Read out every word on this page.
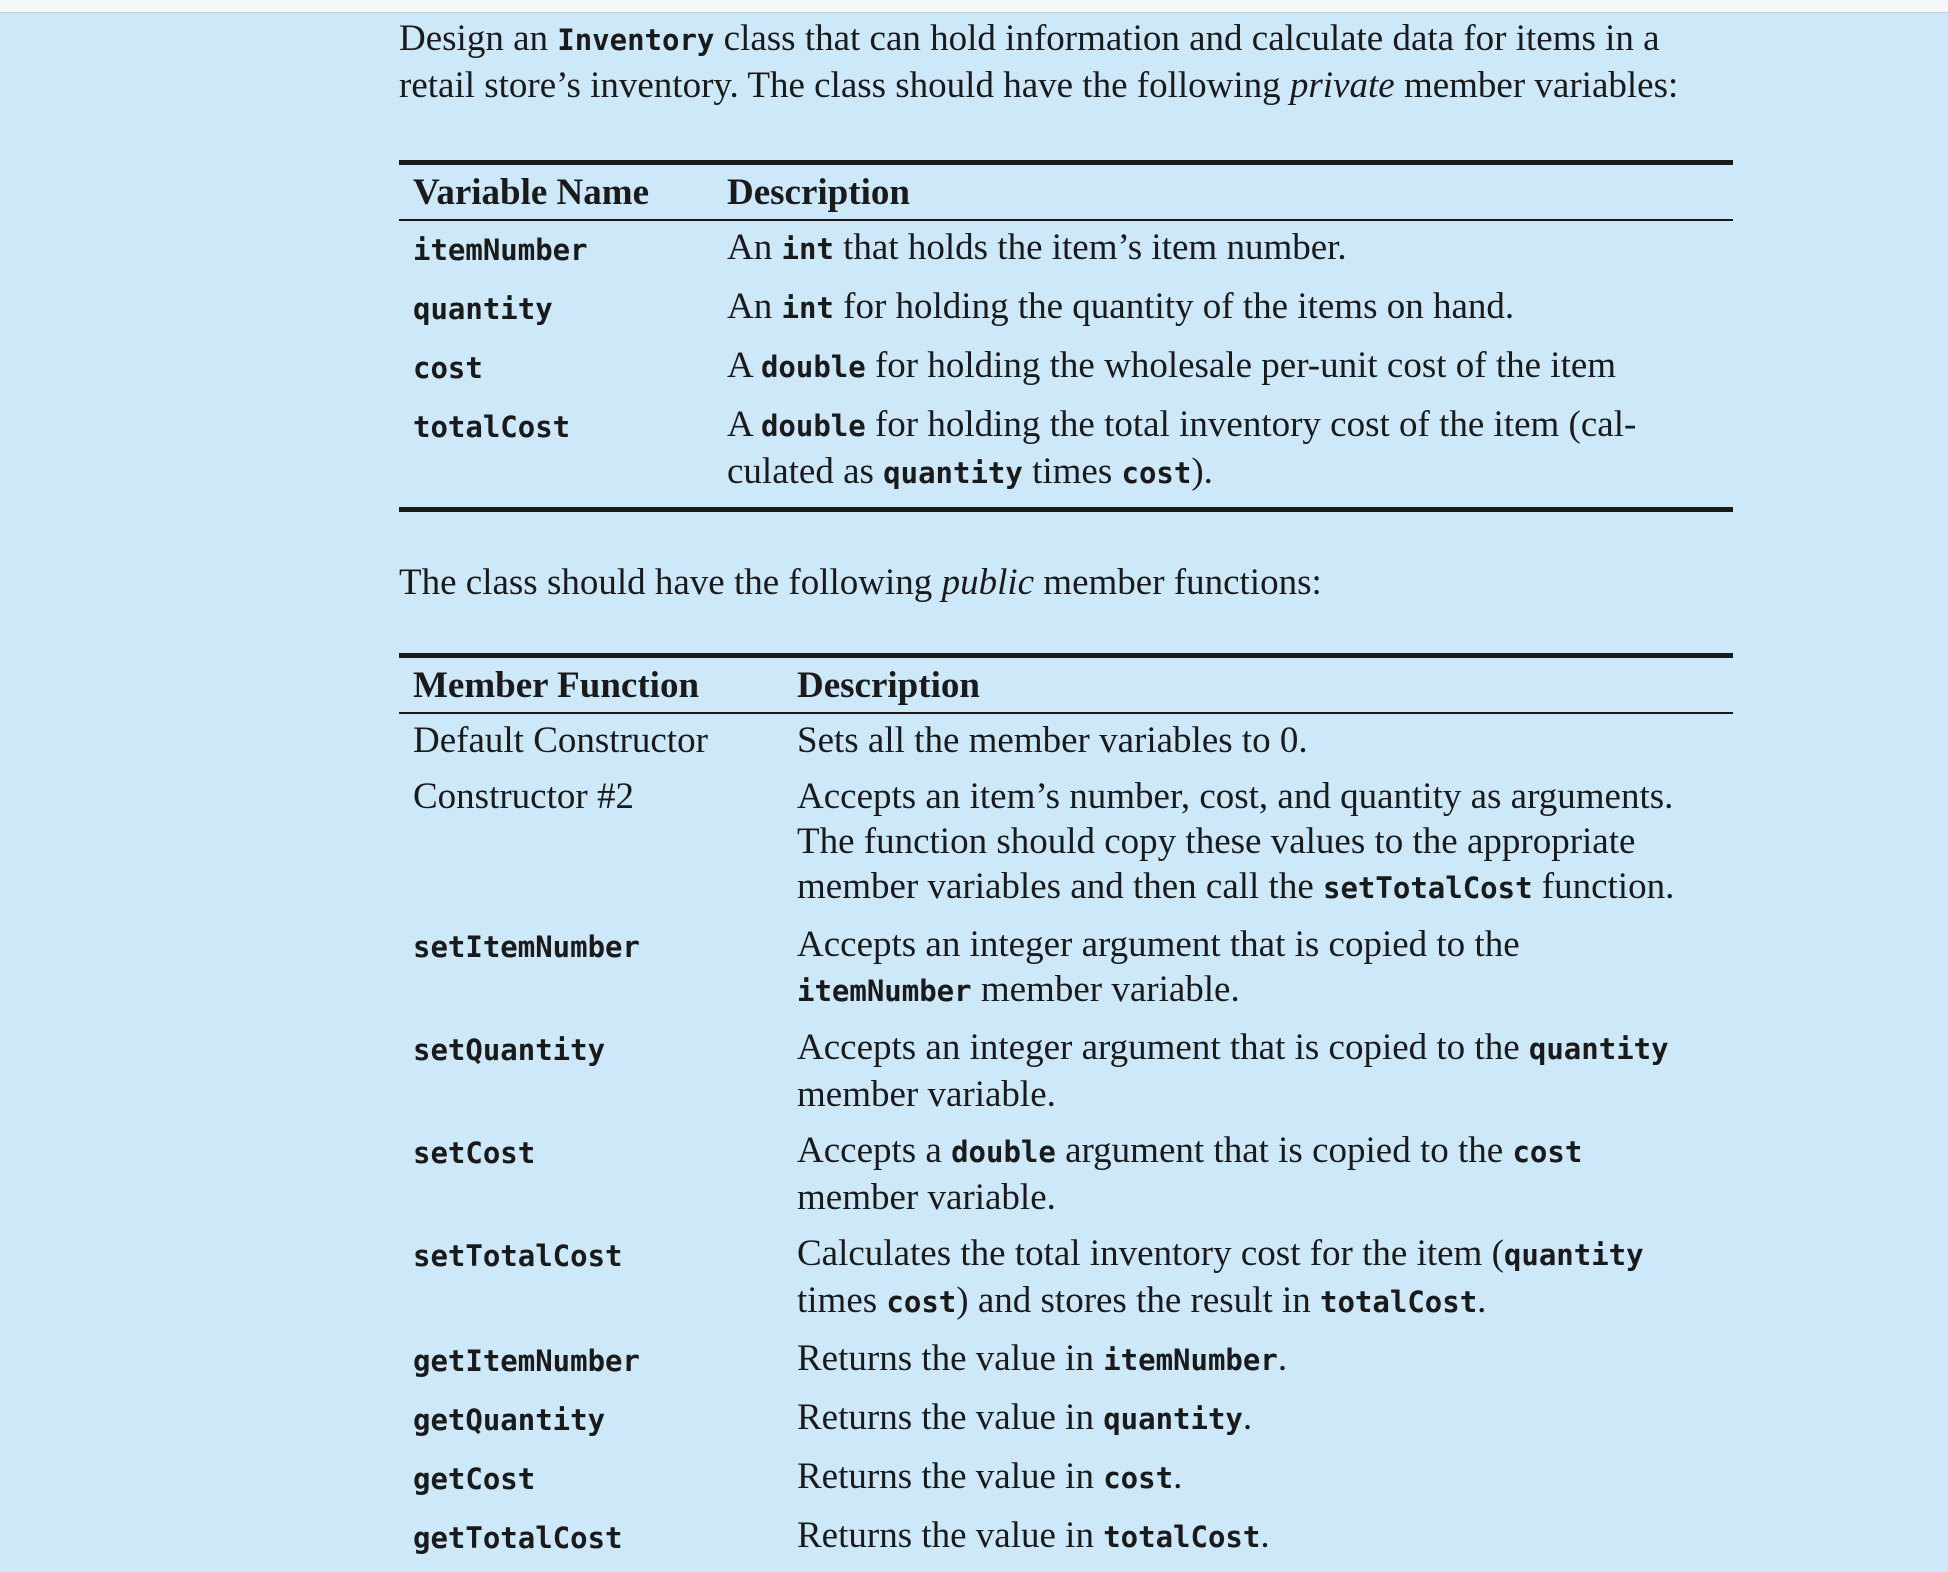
Design an Inventory class that can hold information and calculate data for items in a retail store’s inventory. The class should have the following private member variables:

Variable Name	Description
itemNumber	An int that holds the item’s item number.
quantity	An int for holding the quantity of the items on hand.
cost	A double for holding the wholesale per-unit cost of the item
totalCost	A double for holding the total inventory cost of the item (cal-
culated as quantity times cost).

The class should have the following public member functions:

Member Function	Description
Default Constructor	Sets all the member variables to 0.
Constructor #2	Accepts an item’s number, cost, and quantity as arguments.
The function should copy these values to the appropriate
member variables and then call the setTotalCost function.
setItemNumber	Accepts an integer argument that is copied to the
itemNumber member variable.
setQuantity	Accepts an integer argument that is copied to the quantity
member variable.
setCost	Accepts a double argument that is copied to the cost
member variable.
setTotalCost	Calculates the total inventory cost for the item (quantity
times cost) and stores the result in totalCost.
getItemNumber	Returns the value in itemNumber.
getQuantity	Returns the value in quantity.
getCost	Returns the value in cost.
getTotalCost	Returns the value in totalCost.
